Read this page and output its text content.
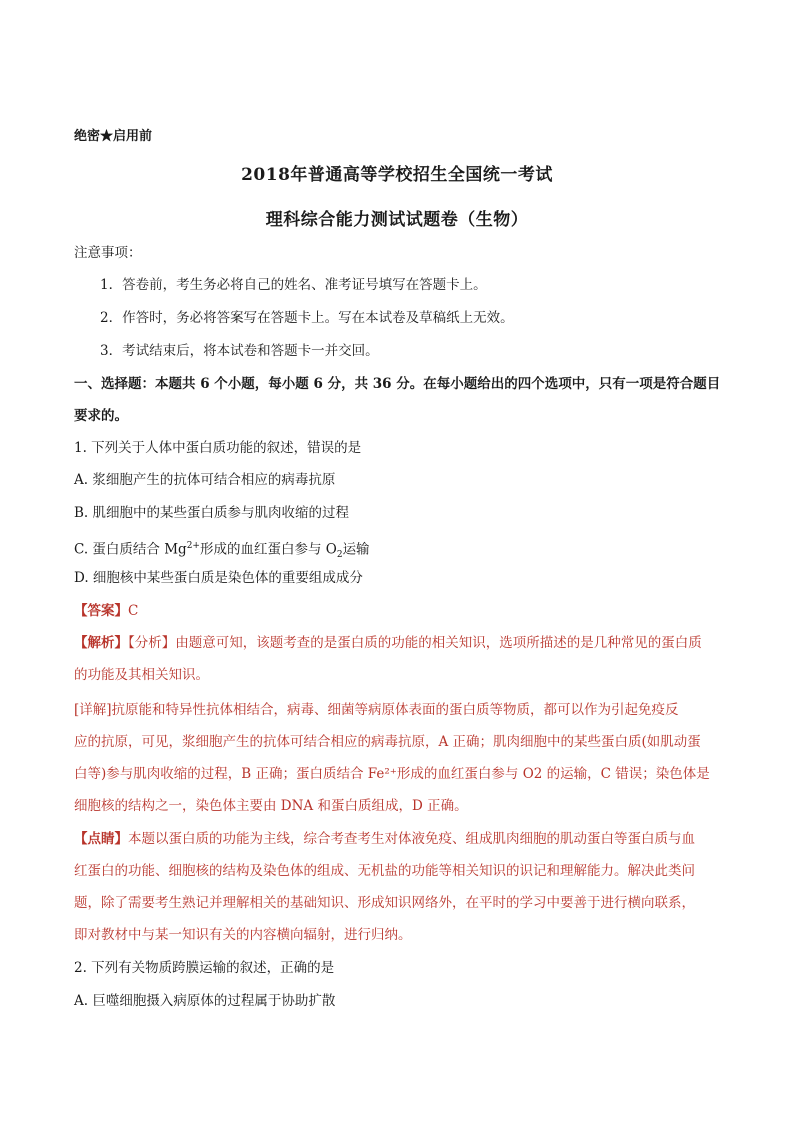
绝密★启用前
2018年普通高等学校招生全国统一考试
理科综合能力测试试题卷（生物）
注意事项：
1．答卷前，考生务必将自己的姓名、准考证号填写在答题卡上。
2．作答时，务必将答案写在答题卡上。写在本试卷及草稿纸上无效。
3．考试结束后，将本试卷和答题卡一并交回。
一、选择题：本题共 6 个小题，每小题 6 分，共 36 分。在每小题给出的四个选项中，只有一项是符合题目
要求的。
1. 下列关于人体中蛋白质功能的叙述，错误的是
A. 浆细胞产生的抗体可结合相应的病毒抗原
B. 肌细胞中的某些蛋白质参与肌肉收缩的过程
C. 蛋白质结合 $Mg^{2+}$形成的血红蛋白参与 $O_2$运输
D. 细胞核中某些蛋白质是染色体的重要组成成分
【答案】C
【解析】【分析】由题意可知，该题考查的是蛋白质的功能的相关知识，选项所描述的是几种常见的蛋白质
的功能及其相关知识。
[详解]抗原能和特异性抗体相结合，病毒、细菌等病原体表面的蛋白质等物质，都可以作为引起免疫反
应的抗原，可见，浆细胞产生的抗体可结合相应的病毒抗原，A 正确；肌肉细胞中的某些蛋白质(如肌动蛋
白等)参与肌肉收缩的过程，B 正确；蛋白质结合 Fe²⁺形成的血红蛋白参与 O2 的运输，C 错误；染色体是
细胞核的结构之一，染色体主要由 DNA 和蛋白质组成，D 正确。
【点睛】本题以蛋白质的功能为主线，综合考查考生对体液免疫、组成肌肉细胞的肌动蛋白等蛋白质与血
红蛋白的功能、细胞核的结构及染色体的组成、无机盐的功能等相关知识的识记和理解能力。解决此类问
题，除了需要考生熟记并理解相关的基础知识、形成知识网络外，在平时的学习中要善于进行横向联系，
即对教材中与某一知识有关的内容横向辐射，进行归纳。
2. 下列有关物质跨膜运输的叙述，正确的是
A. 巨噬细胞摄入病原体的过程属于协助扩散
